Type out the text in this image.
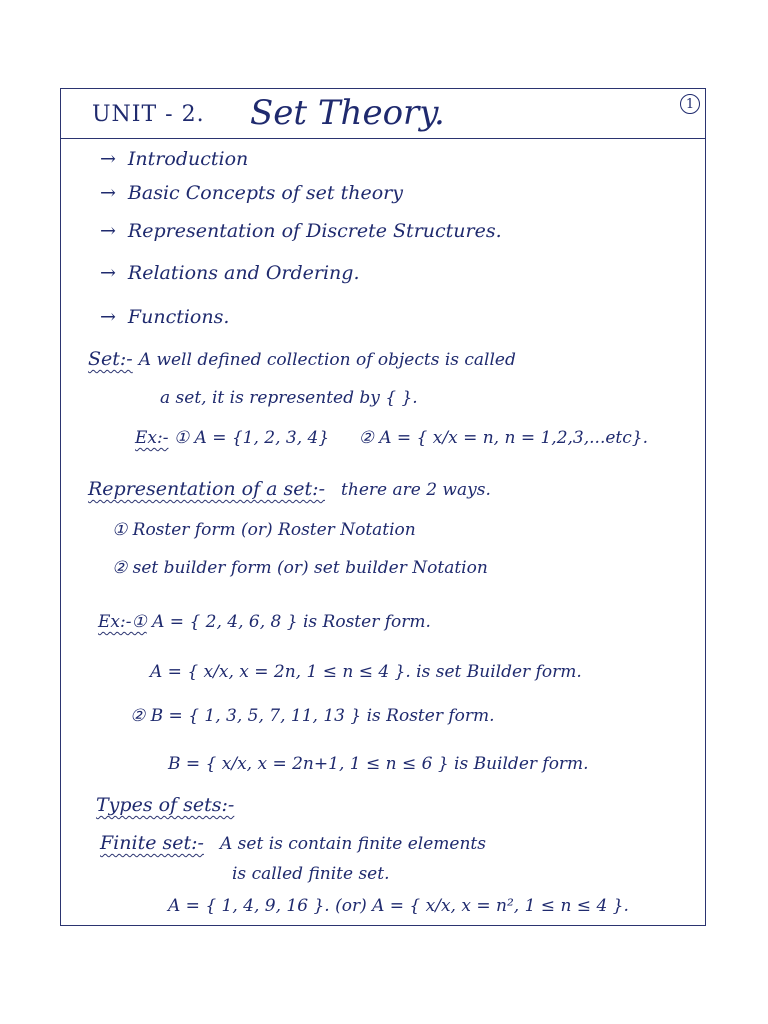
UNIT - 2. Set Theory.	1
→ Introduction
→ Basic Concepts of set theory
→ Representation of Discrete Structures.
→ Relations and Ordering.
→ Functions.
Set:- A well defined collection of objects is called
a set, it is represented by { }.
Ex:- ① A = {1, 2, 3, 4} ② A = { x/x = n, n = 1,2,3,...etc}.
Representation of a set:- there are 2 ways.
① Roster form (or) Roster Notation
② set builder form (or) set builder Notation
Ex:-① A = { 2, 4, 6, 8 } is Roster form.
A = { x/x, x = 2n, 1 ≤ n ≤ 4 }. is set Builder form.
② B = { 1, 3, 5, 7, 11, 13 } is Roster form.
B = { x/x, x = 2n+1, 1 ≤ n ≤ 6 } is Builder form.
Types of sets:-
Finite set:- A set is contain finite elements
is called finite set.
A = { 1, 4, 9, 16 }. (or) A = { x/x, x = n², 1 ≤ n ≤ 4 }.
